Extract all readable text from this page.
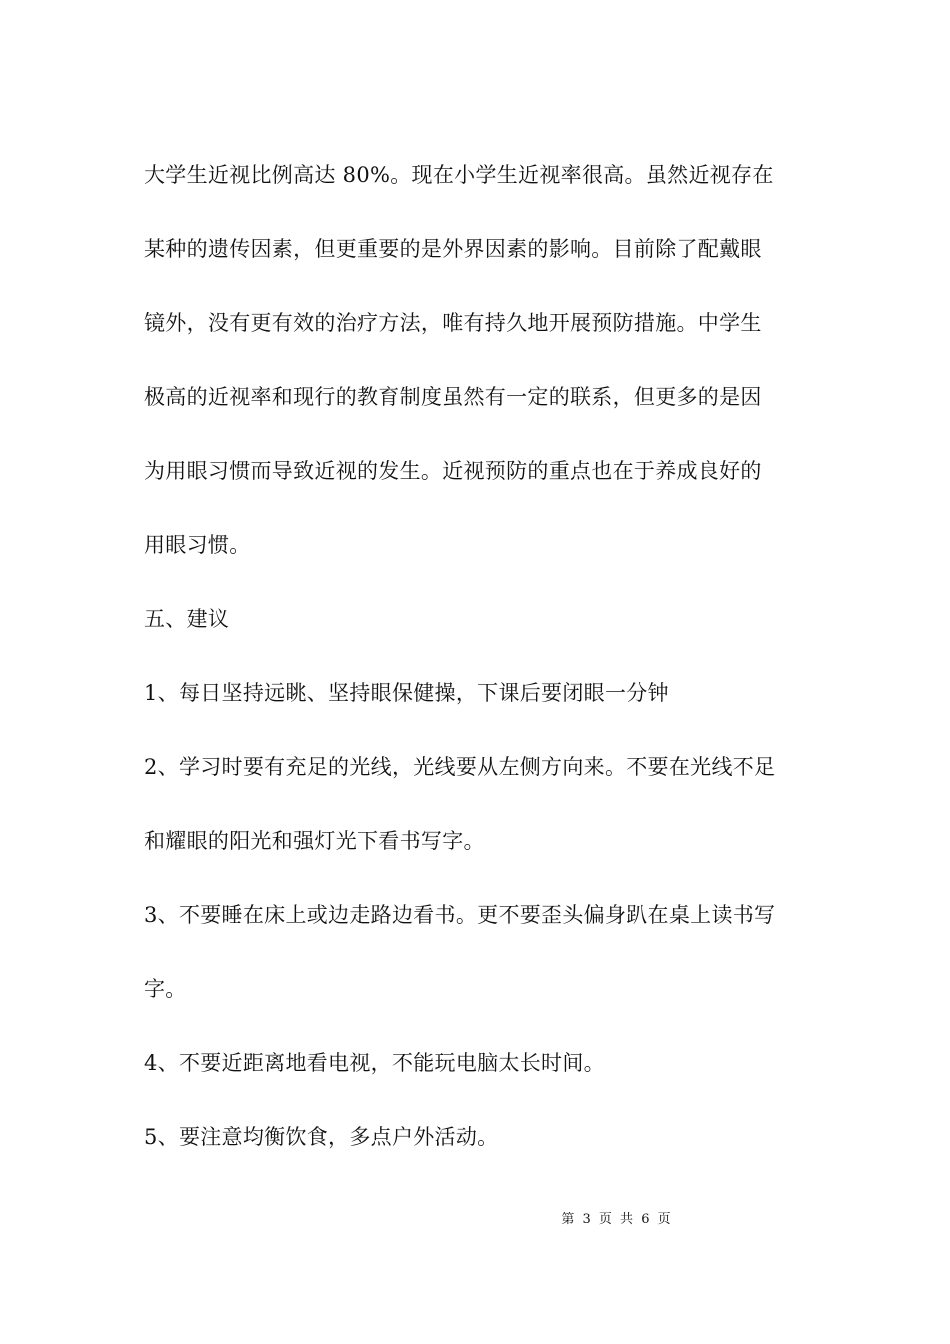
大学生近视比例高达 80%。现在小学生近视率很高。虽然近视存在
某种的遗传因素，但更重要的是外界因素的影响。目前除了配戴眼
镜外，没有更有效的治疗方法，唯有持久地开展预防措施。中学生
极高的近视率和现行的教育制度虽然有一定的联系，但更多的是因
为用眼习惯而导致近视的发生。近视预防的重点也在于养成良好的
用眼习惯。
五、建议
1、每日坚持远眺、坚持眼保健操，下课后要闭眼一分钟
2、学习时要有充足的光线，光线要从左侧方向来。不要在光线不足
和耀眼的阳光和强灯光下看书写字。
3、不要睡在床上或边走路边看书。更不要歪头偏身趴在桌上读书写
字。
4、不要近距离地看电视，不能玩电脑太长时间。
5、要注意均衡饮食，多点户外活动。
第 3 页 共 6 页
